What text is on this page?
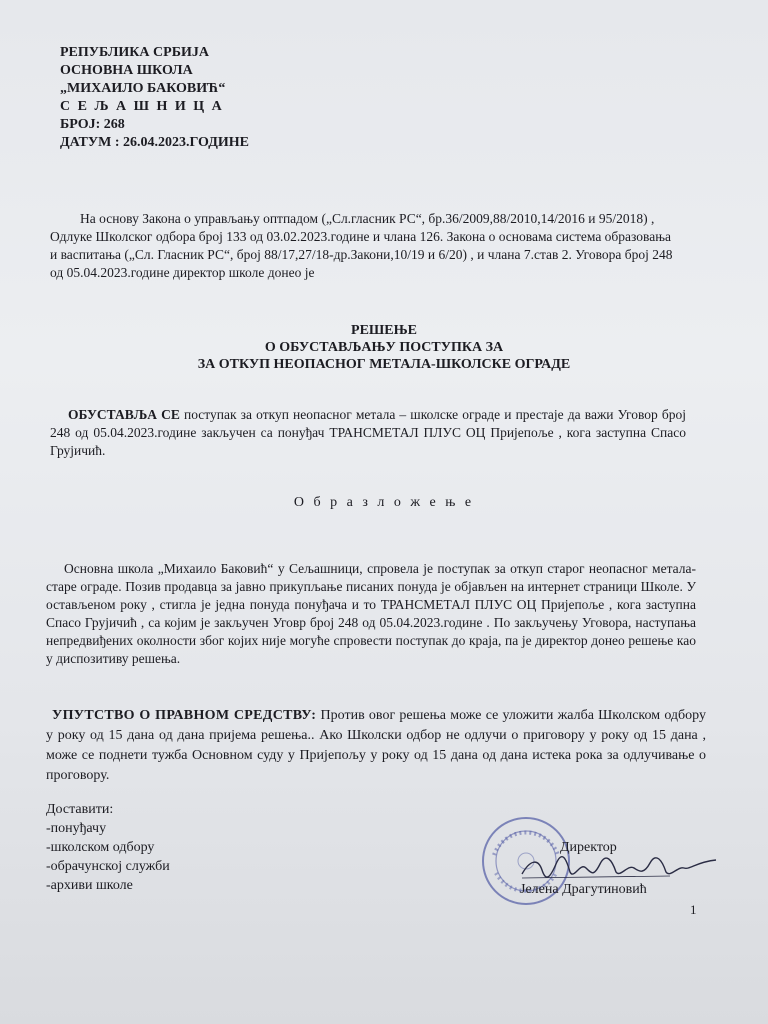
РЕПУБЛИКА СРБИЈА
ОСНОВНА ШКОЛА
„МИХАИЛО БАКОВИЋ“
С Е Љ А Ш Н И Ц А
БРОЈ: 268
ДАТУМ : 26.04.2023.ГОДИНЕ

На основу Закона о управљању оптпадом („Сл.гласник РС“, бр.36/2009,88/2010,14/2016 и 95/2018) , Одлуке Школског одбора број 133 од 03.02.2023.године и члана 126. Закона о основама система образовања и васпитања („Сл. Гласник РС“, број 88/17,27/18-др.Закони,10/19 и 6/20) , и члана 7.став 2. Уговора број 248 од 05.04.2023.године директор школе донео је

РЕШЕЊЕ
О ОБУСТАВЉАЊУ ПОСТУПКА ЗА
ЗА ОТКУП НЕОПАСНОГ МЕТАЛА-ШКОЛСКЕ ОГРАДЕ

ОБУСТАВЉА СЕ поступак за откуп неопасног метала – школске ограде и престаје да важи Уговор број 248 од 05.04.2023.године закључен са понуђач ТРАНСМЕТАЛ ПЛУС ОЦ Пријепоље , кога заступна Спасо Грујичић.

О б р а з л о ж е њ е

Основна школа „Михаило Баковић“ у Сељашници, спровела је поступак за откуп старог неопасног метала-старе ограде. Позив продавца за јавно прикупљање писаних понуда је објављен на интернет страници Школе. У остављеном року , стигла је једна понуда понуђача и то ТРАНСМЕТАЛ ПЛУС ОЦ Пријепоље , кога заступна Спасо Грујичић , са којим је закључен Уговр број 248 од 05.04.2023.године . По закључењу Уговора, наступања непредвиђених околности због којих није могуће спровести поступак до краја, па је директор донео решење као у диспозитиву решења.

УПУТСТВО О ПРАВНОМ СРЕДСТВУ: Против овог решења може се уложити жалба Школском одбору у року од 15 дана од дана пријема решења.. Ако Школски одбор не одлучи о приговору у року од 15 дана , може се поднети тужба Основном суду у Пријепољу у року од 15 дана од дана истека рока за одлучивање о проговору.

Доставити:
-понуђачу
-школском одбору
-обрачунској служби
-архиви школе
Директор
Јелена Драгутиновић
1
